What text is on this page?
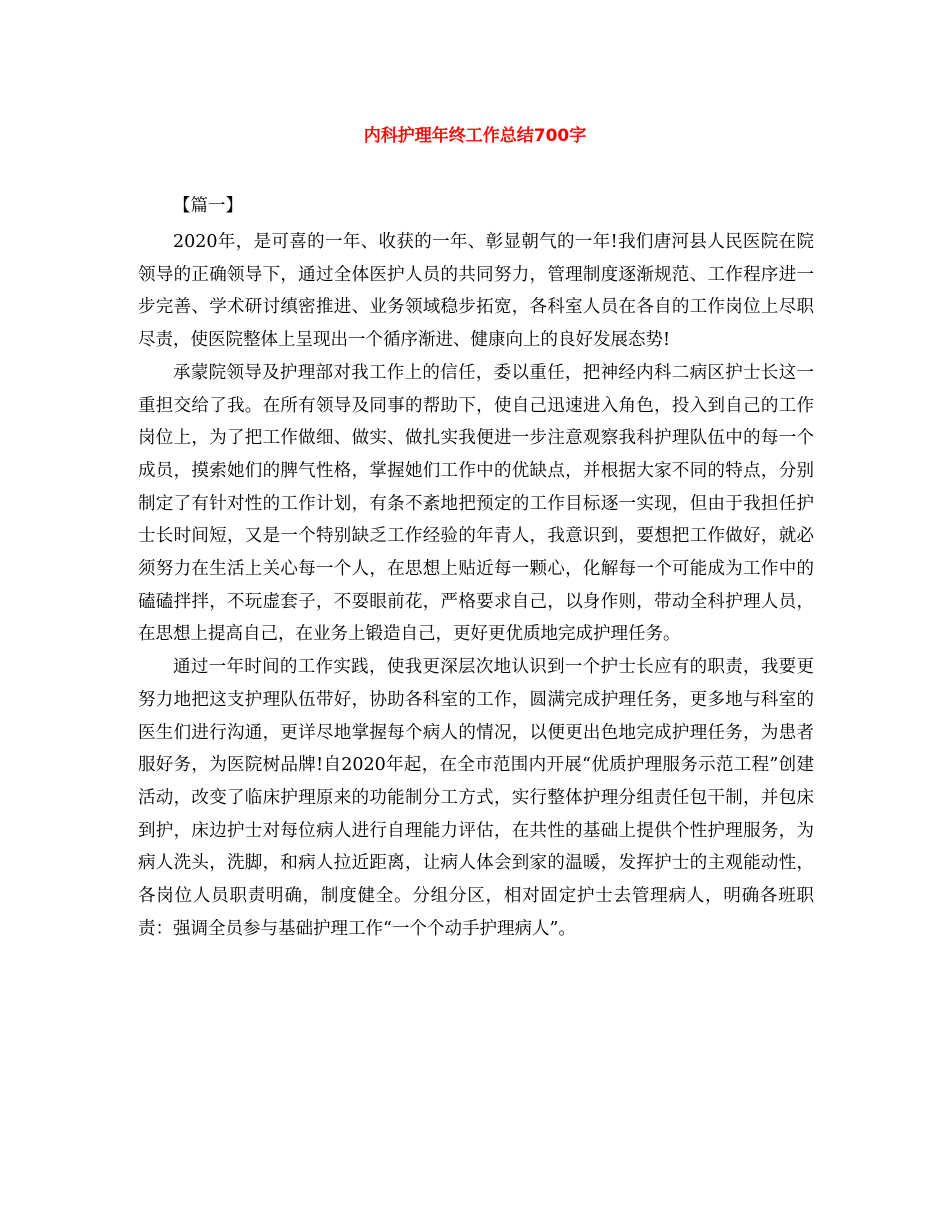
内科护理年终工作总结700字
【篇一】

2020年，是可喜的一年、收获的一年、彰显朝气的一年!我们唐河县人民医院在院领导的正确领导下，通过全体医护人员的共同努力，管理制度逐渐规范、工作程序进一步完善、学术研讨缜密推进、业务领域稳步拓宽，各科室人员在各自的工作岗位上尽职尽责，使医院整体上呈现出一个循序渐进、健康向上的良好发展态势!

承蒙院领导及护理部对我工作上的信任，委以重任，把神经内科二病区护士长这一重担交给了我。在所有领导及同事的帮助下，使自己迅速进入角色，投入到自己的工作岗位上，为了把工作做细、做实、做扎实我便进一步注意观察我科护理队伍中的每一个成员，摸索她们的脾气性格，掌握她们工作中的优缺点，并根据大家不同的特点，分别制定了有针对性的工作计划，有条不紊地把预定的工作目标逐一实现，但由于我担任护士长时间短，又是一个特别缺乏工作经验的年青人，我意识到，要想把工作做好，就必须努力在生活上关心每一个人，在思想上贴近每一颗心，化解每一个可能成为工作中的磕磕拌拌，不玩虚套子，不耍眼前花，严格要求自己，以身作则，带动全科护理人员，在思想上提高自己，在业务上锻造自己，更好更优质地完成护理任务。

通过一年时间的工作实践，使我更深层次地认识到一个护士长应有的职责，我要更努力地把这支护理队伍带好，协助各科室的工作，圆满完成护理任务，更多地与科室的医生们进行沟通，更详尽地掌握每个病人的情况，以便更出色地完成护理任务，为患者服好务，为医院树品牌!自2020年起，在全市范围内开展“优质护理服务示范工程”创建活动，改变了临床护理原来的功能制分工方式，实行整体护理分组责任包干制，并包床到护，床边护士对每位病人进行自理能力评估，在共性的基础上提供个性护理服务，为病人洗头，洗脚，和病人拉近距离，让病人体会到家的温暖，发挥护士的主观能动性，各岗位人员职责明确，制度健全。分组分区，相对固定护士去管理病人，明确各班职责：强调全员参与基础护理工作“一个个动手护理病人”。
